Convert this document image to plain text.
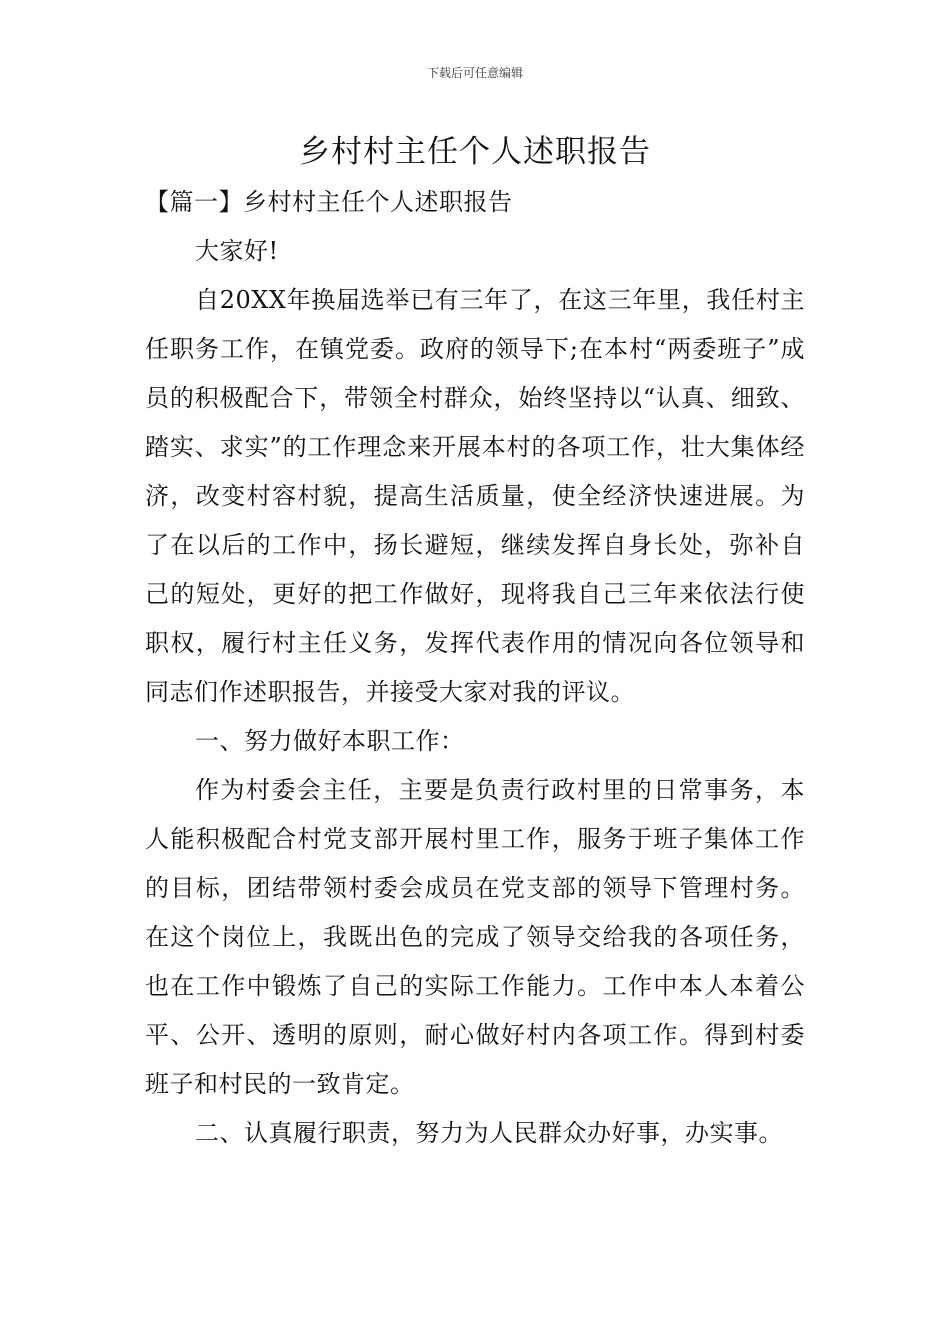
下载后可任意编辑
乡村村主任个人述职报告
【篇一】乡村村主任个人述职报告

大家好!

自20XX年换届选举已有三年了，在这三年里，我任村主任职务工作，在镇党委。政府的领导下;在本村“两委班子”成员的积极配合下，带领全村群众，始终坚持以“认真、细致、踏实、求实”的工作理念来开展本村的各项工作，壮大集体经济，改变村容村貌，提高生活质量，使全经济快速进展。为了在以后的工作中，扬长避短，继续发挥自身长处，弥补自己的短处，更好的把工作做好，现将我自己三年来依法行使职权，履行村主任义务，发挥代表作用的情况向各位领导和同志们作述职报告，并接受大家对我的评议。

一、努力做好本职工作：

作为村委会主任，主要是负责行政村里的日常事务，本人能积极配合村党支部开展村里工作，服务于班子集体工作的目标，团结带领村委会成员在党支部的领导下管理村务。在这个岗位上，我既出色的完成了领导交给我的各项任务，也在工作中锻炼了自己的实际工作能力。工作中本人本着公平、公开、透明的原则，耐心做好村内各项工作。得到村委班子和村民的一致肯定。

二、认真履行职责，努力为人民群众办好事，办实事。
